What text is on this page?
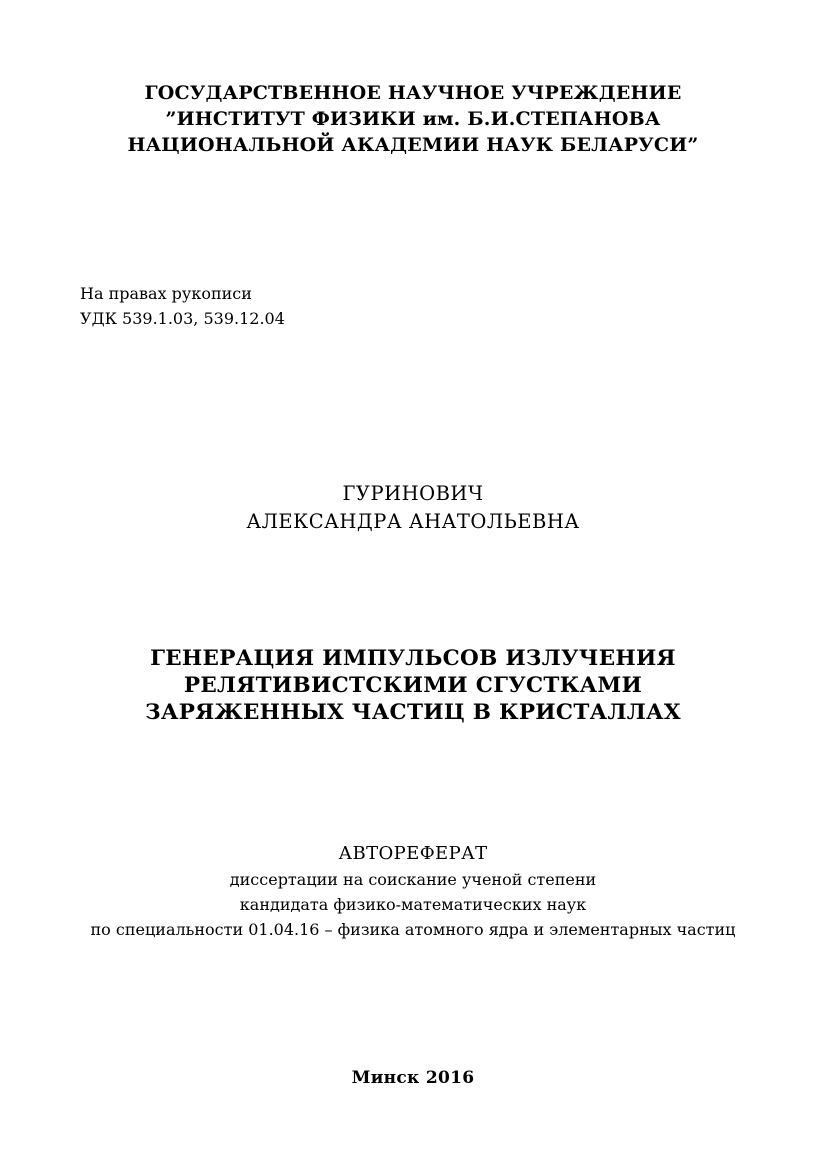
ГОСУДАРСТВЕННОЕ НАУЧНОЕ УЧРЕЖДЕНИЕ
”ИНСТИТУТ ФИЗИКИ им. Б.И.СТЕПАНОВА
НАЦИОНАЛЬНОЙ АКАДЕМИИ НАУК БЕЛАРУСИ”
На правах рукописи
УДК 539.1.03, 539.12.04
ГУРИНОВИЧ
АЛЕКСАНДРА АНАТОЛЬЕВНА
ГЕНЕРАЦИЯ ИМПУЛЬСОВ ИЗЛУЧЕНИЯ
РЕЛЯТИВИСТСКИМИ СГУСТКАМИ
ЗАРЯЖЕННЫХ ЧАСТИЦ В КРИСТАЛЛАХ
АВТОРЕФЕРАТ
диссертации на соискание ученой степени
кандидата физико-математических наук
по специальности 01.04.16 – физика атомного ядра и элементарных частиц
Минск 2016
